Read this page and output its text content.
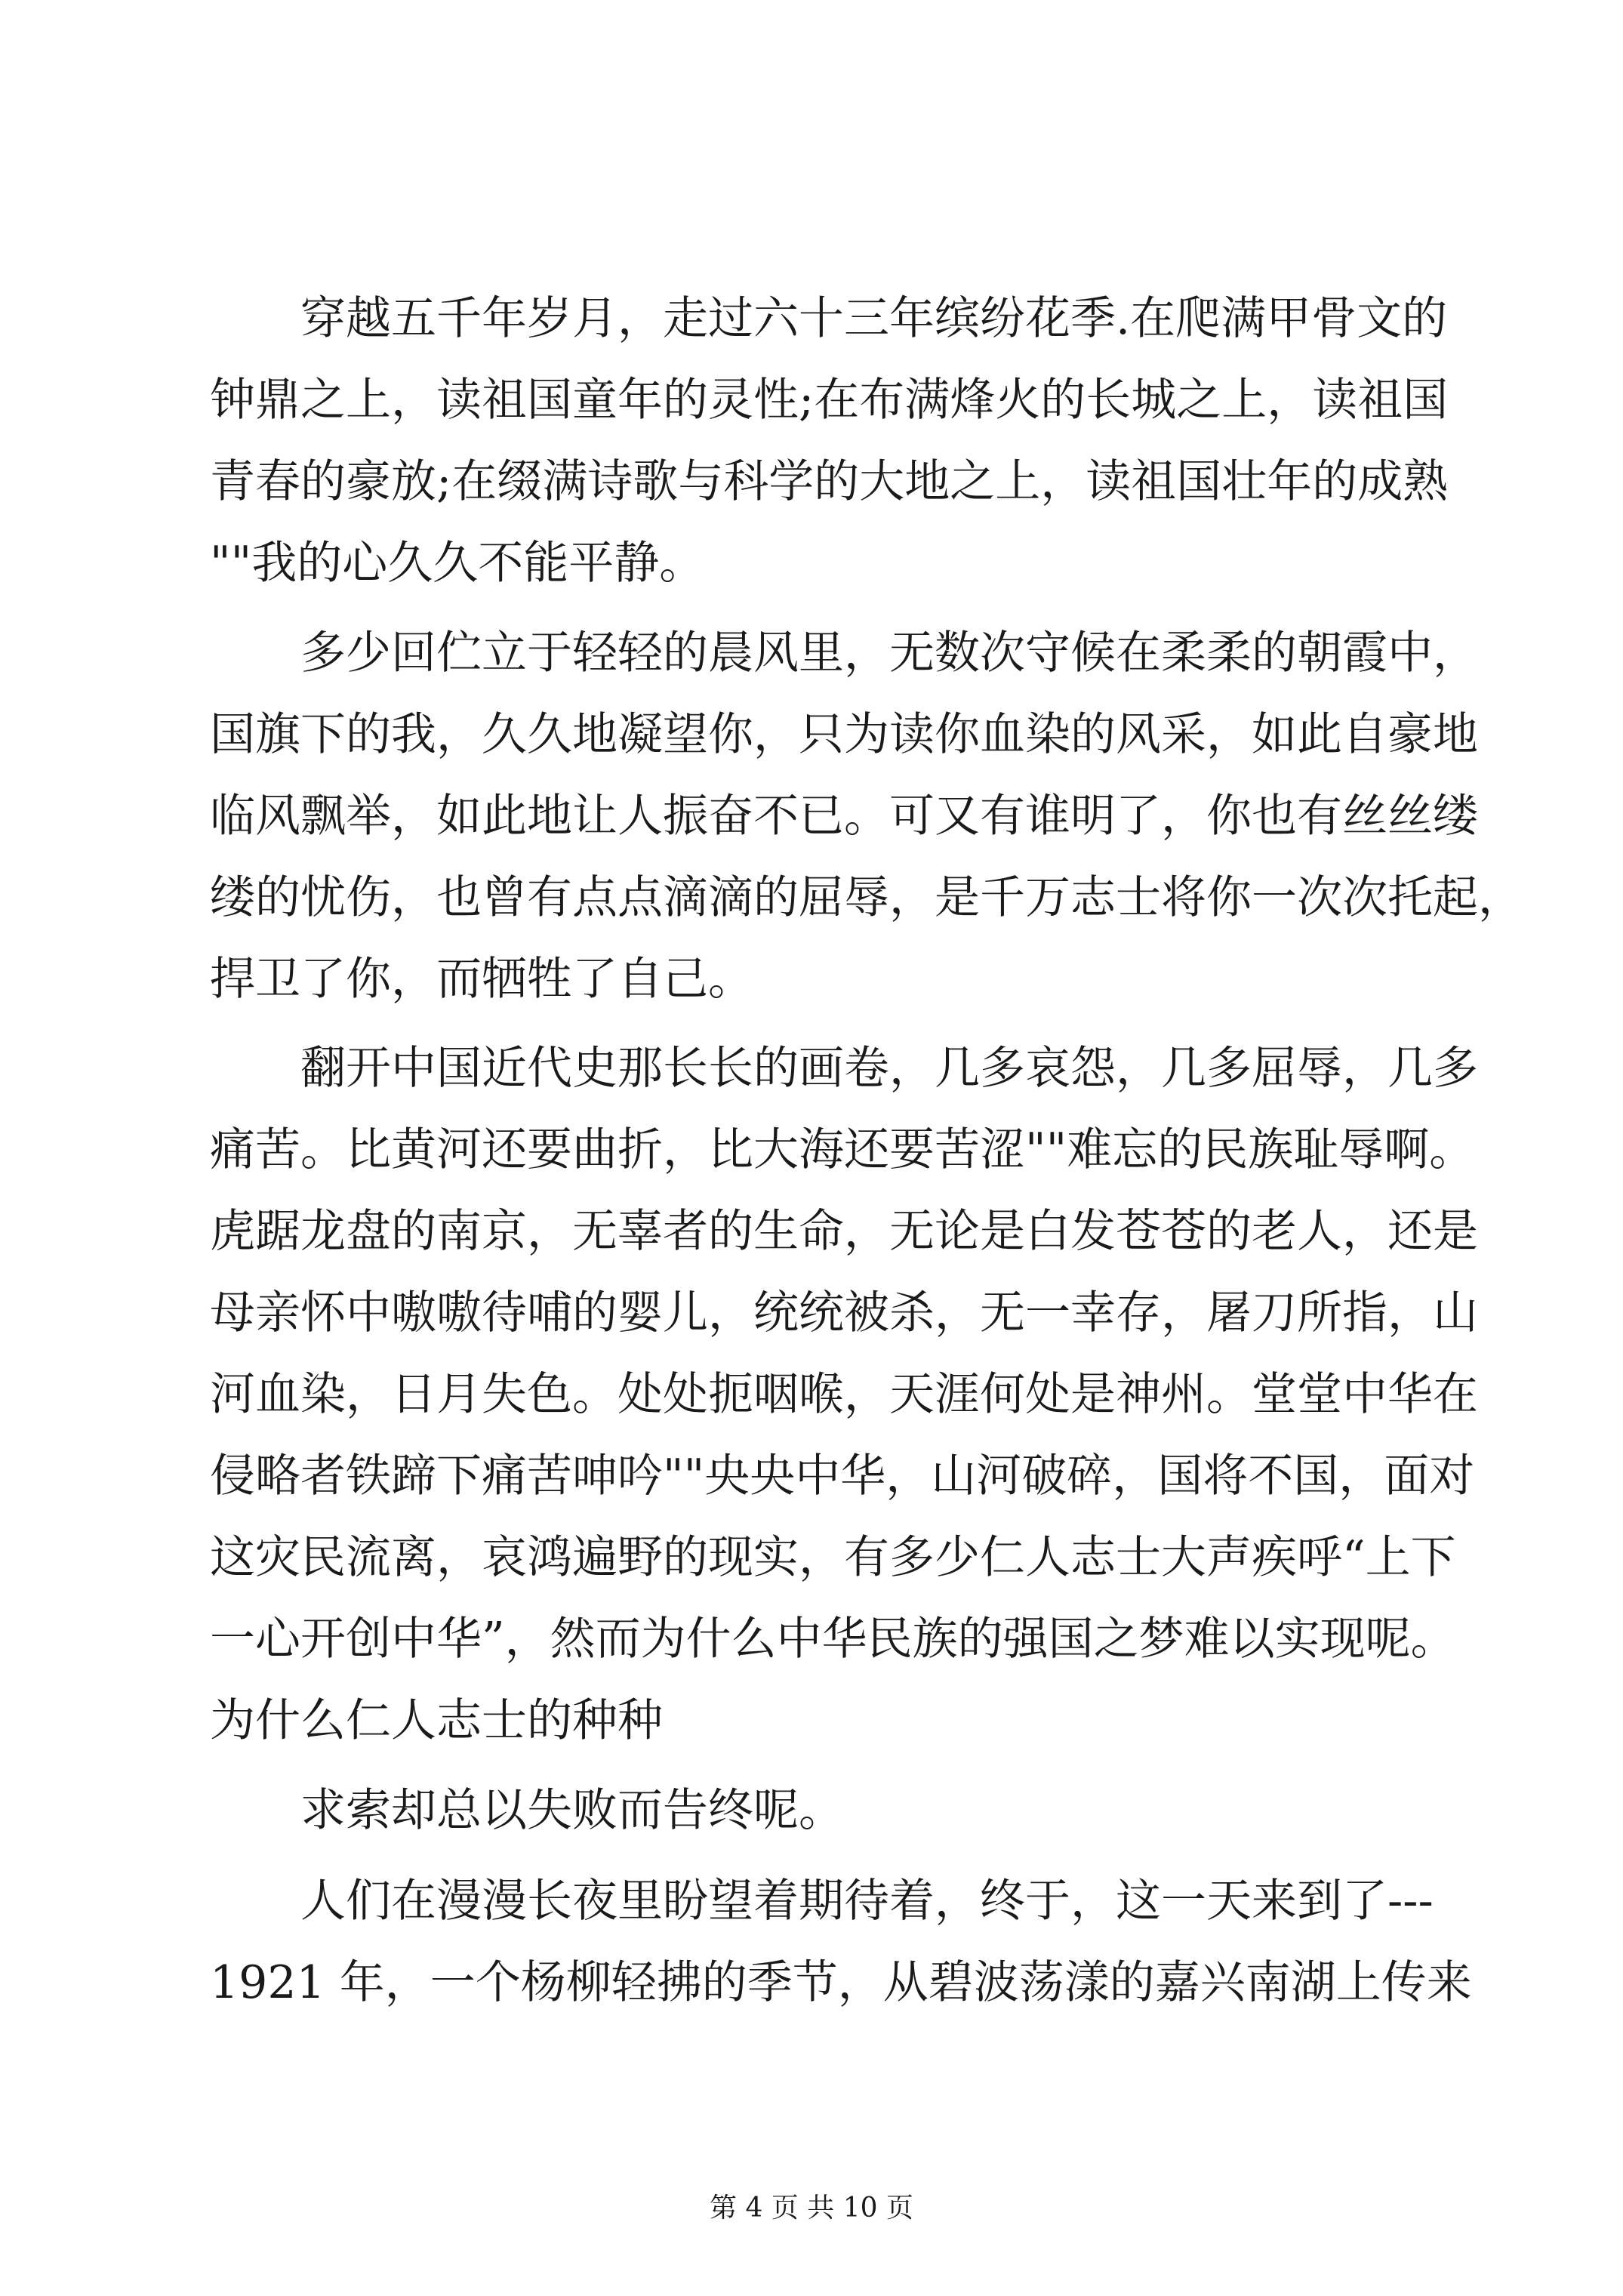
穿越五千年岁月，走过六十三年缤纷花季.在爬满甲骨文的
钟鼎之上，读祖国童年的灵性;在布满烽火的长城之上，读祖国
青春的豪放;在缀满诗歌与科学的大地之上，读祖国壮年的成熟
""我的心久久不能平静。
多少回伫立于轻轻的晨风里，无数次守候在柔柔的朝霞中，
国旗下的我，久久地凝望你，只为读你血染的风采，如此自豪地
临风飘举，如此地让人振奋不已。可又有谁明了，你也有丝丝缕
缕的忧伤，也曾有点点滴滴的屈辱，是千万志士将你一次次托起，
捍卫了你，而牺牲了自己。
翻开中国近代史那长长的画卷，几多哀怨，几多屈辱，几多
痛苦。比黄河还要曲折，比大海还要苦涩""难忘的民族耻辱啊。
虎踞龙盘的南京，无辜者的生命，无论是白发苍苍的老人，还是
母亲怀中嗷嗷待哺的婴儿，统统被杀，无一幸存，屠刀所指，山
河血染，日月失色。处处扼咽喉，天涯何处是神州。堂堂中华在
侵略者铁蹄下痛苦呻吟""央央中华，山河破碎，国将不国，面对
这灾民流离，哀鸿遍野的现实，有多少仁人志士大声疾呼“上下
一心开创中华”，然而为什么中华民族的强国之梦难以实现呢。
为什么仁人志士的种种
求索却总以失败而告终呢。
人们在漫漫长夜里盼望着期待着，终于，这一天来到了---
1921 年，一个杨柳轻拂的季节，从碧波荡漾的嘉兴南湖上传来
第 4 页 共 10 页
